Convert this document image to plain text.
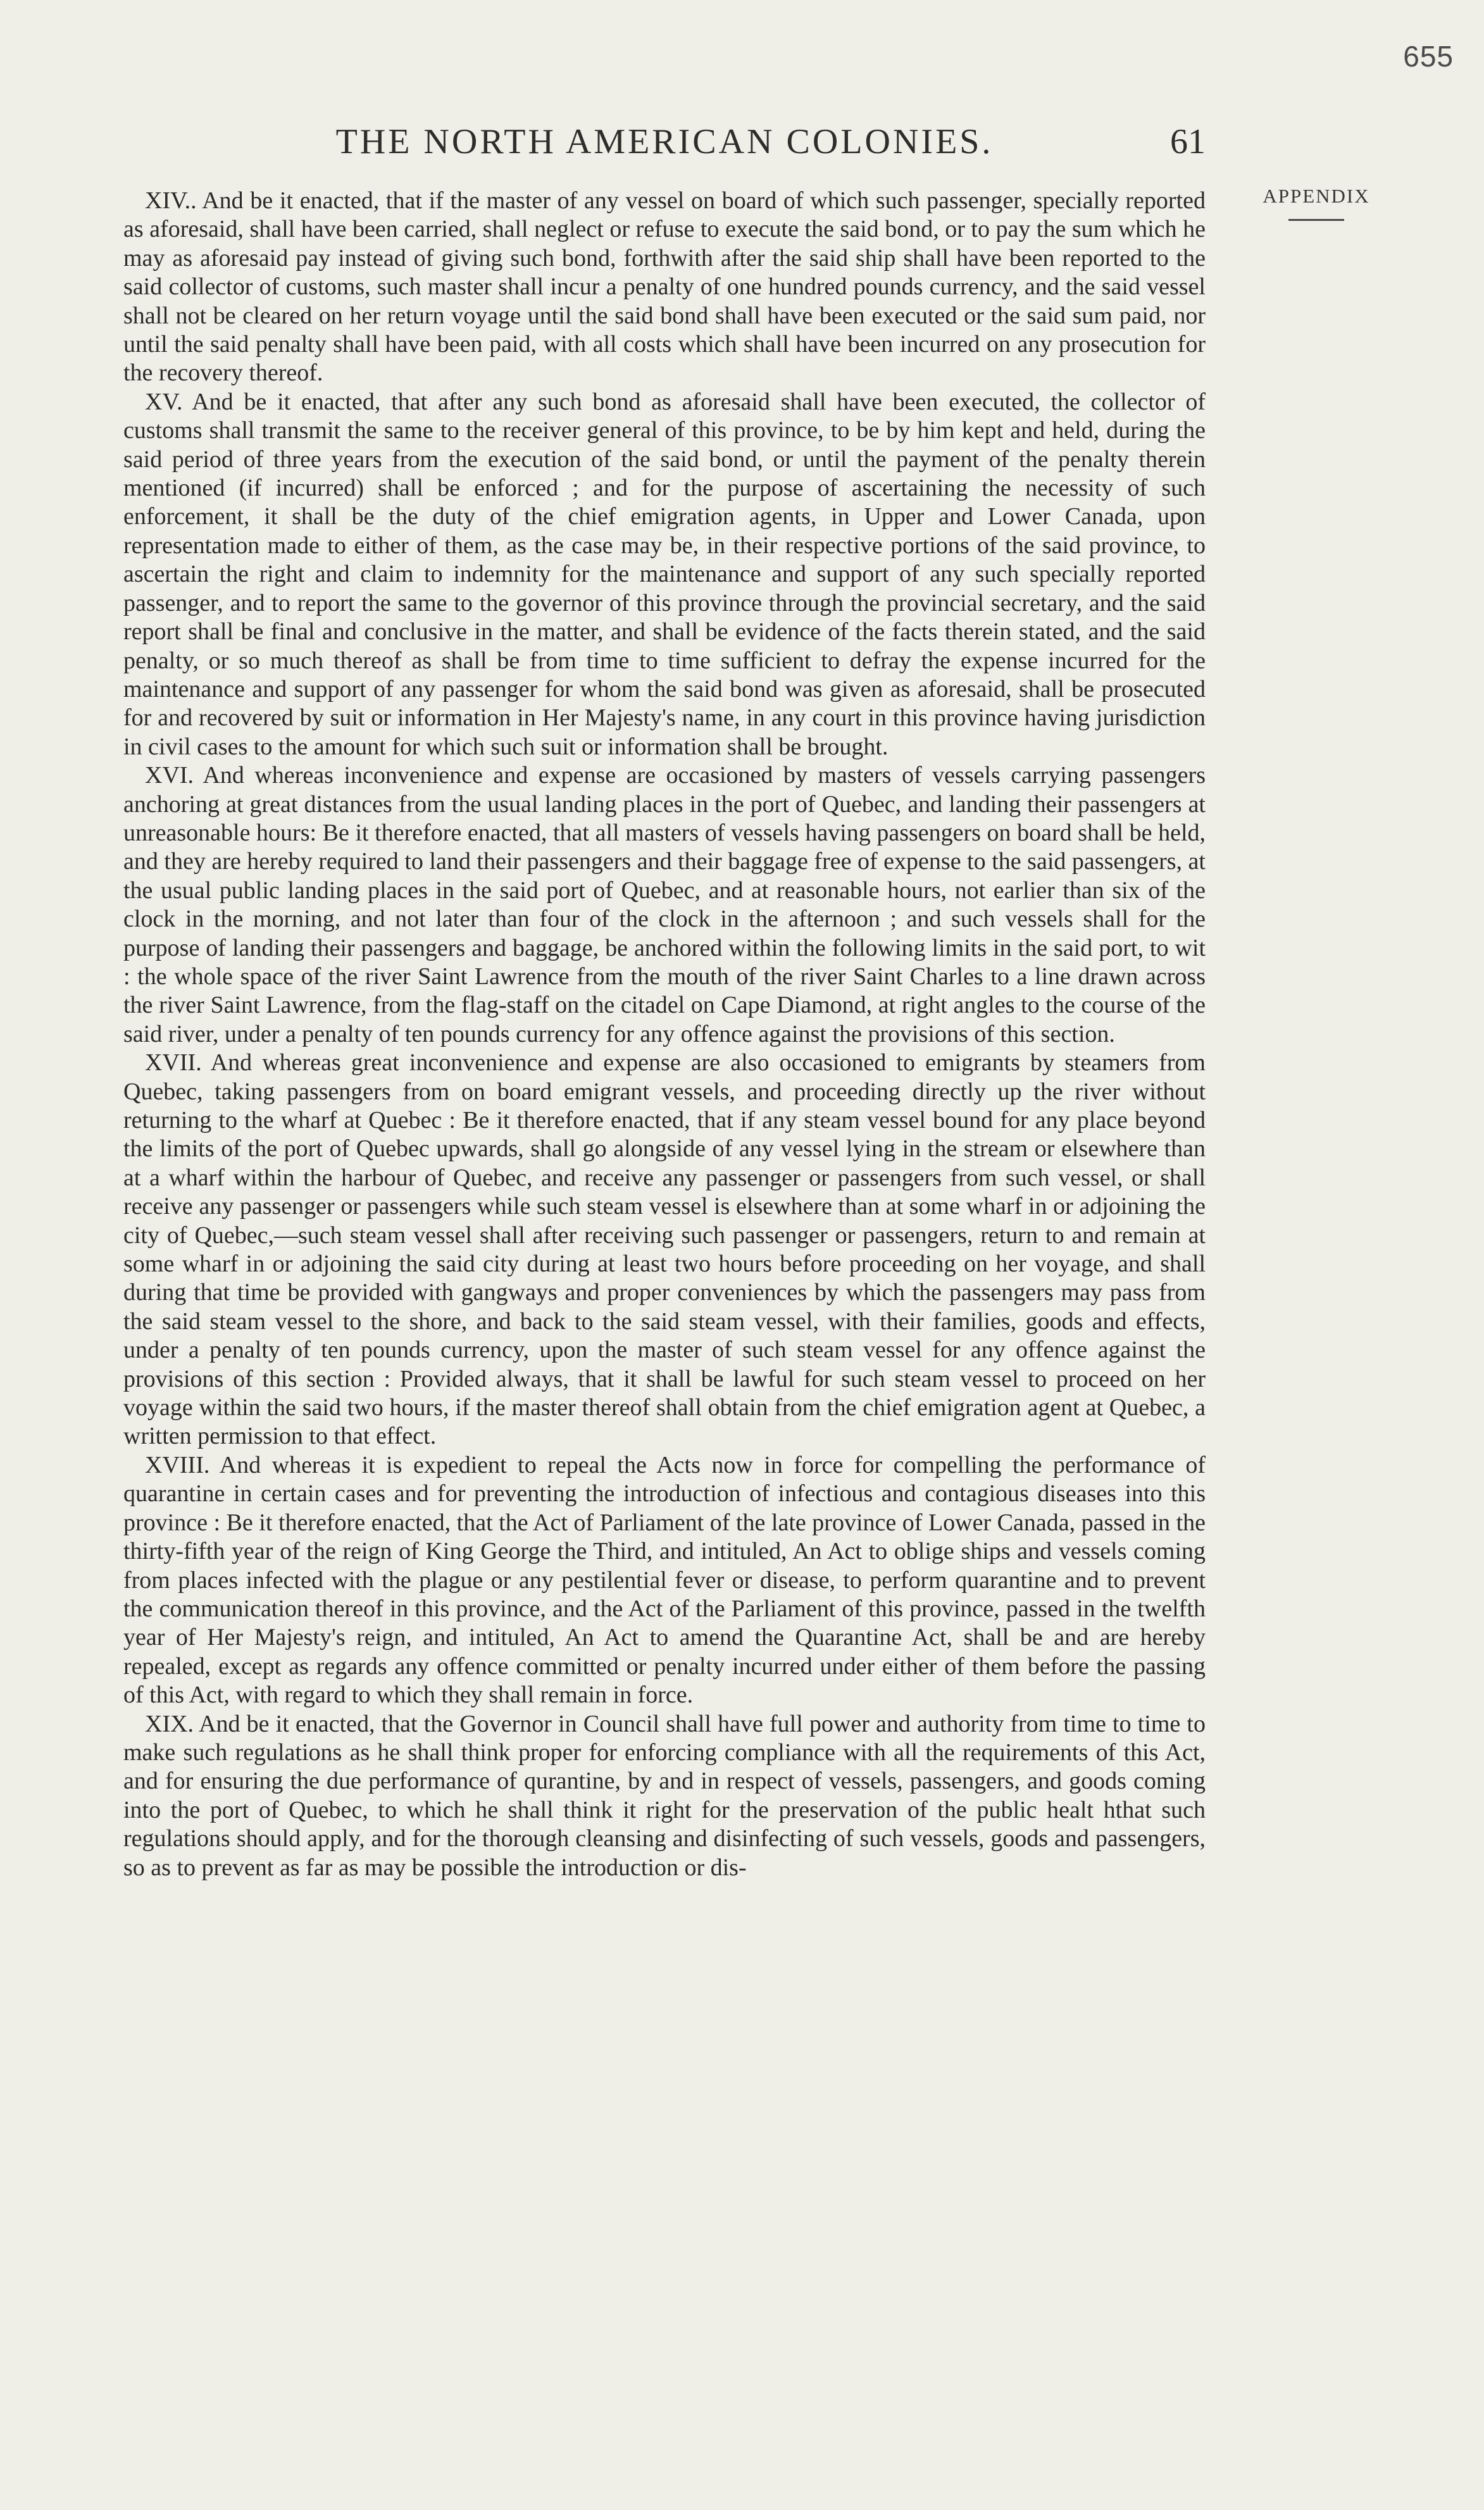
655
THE NORTH AMERICAN COLONIES.	61
APPENDIX

XIV.. And be it enacted, that if the master of any vessel on board of which such passenger, specially reported as aforesaid, shall have been carried, shall neglect or refuse to execute the said bond, or to pay the sum which he may as aforesaid pay instead of giving such bond, forthwith after the said ship shall have been reported to the said collector of customs, such master shall incur a penalty of one hundred pounds currency, and the said vessel shall not be cleared on her return voyage until the said bond shall have been executed or the said sum paid, nor until the said penalty shall have been paid, with all costs which shall have been incurred on any prosecution for the recovery thereof.

XV. And be it enacted, that after any such bond as aforesaid shall have been executed, the collector of customs shall transmit the same to the receiver general of this province, to be by him kept and held, during the said period of three years from the execution of the said bond, or until the payment of the penalty therein mentioned (if incurred) shall be enforced ; and for the purpose of ascertaining the necessity of such enforcement, it shall be the duty of the chief emigration agents, in Upper and Lower Canada, upon representation made to either of them, as the case may be, in their respective portions of the said province, to ascertain the right and claim to indemnity for the maintenance and support of any such specially reported passenger, and to report the same to the governor of this province through the provincial secretary, and the said report shall be final and conclusive in the matter, and shall be evidence of the facts therein stated, and the said penalty, or so much thereof as shall be from time to time sufficient to defray the expense incurred for the maintenance and support of any passenger for whom the said bond was given as aforesaid, shall be prosecuted for and recovered by suit or information in Her Majesty's name, in any court in this province having jurisdiction in civil cases to the amount for which such suit or information shall be brought.

XVI. And whereas inconvenience and expense are occasioned by masters of vessels carrying passengers anchoring at great distances from the usual landing places in the port of Quebec, and landing their passengers at unreasonable hours: Be it therefore enacted, that all masters of vessels having passengers on board shall be held, and they are hereby required to land their passengers and their baggage free of expense to the said passengers, at the usual public landing places in the said port of Quebec, and at reasonable hours, not earlier than six of the clock in the morning, and not later than four of the clock in the afternoon ; and such vessels shall for the purpose of landing their passengers and baggage, be anchored within the following limits in the said port, to wit : the whole space of the river Saint Lawrence from the mouth of the river Saint Charles to a line drawn across the river Saint Lawrence, from the flag-staff on the citadel on Cape Diamond, at right angles to the course of the said river, under a penalty of ten pounds currency for any offence against the provisions of this section.

XVII. And whereas great inconvenience and expense are also occasioned to emigrants by steamers from Quebec, taking passengers from on board emigrant vessels, and proceeding directly up the river without returning to the wharf at Quebec : Be it therefore enacted, that if any steam vessel bound for any place beyond the limits of the port of Quebec upwards, shall go alongside of any vessel lying in the stream or elsewhere than at a wharf within the harbour of Quebec, and receive any passenger or passengers from such vessel, or shall receive any passenger or passengers while such steam vessel is elsewhere than at some wharf in or adjoining the city of Quebec,—such steam vessel shall after receiving such passenger or passengers, return to and remain at some wharf in or adjoining the said city during at least two hours before proceeding on her voyage, and shall during that time be provided with gangways and proper conveniences by which the passengers may pass from the said steam vessel to the shore, and back to the said steam vessel, with their families, goods and effects, under a penalty of ten pounds currency, upon the master of such steam vessel for any offence against the provisions of this section : Provided always, that it shall be lawful for such steam vessel to proceed on her voyage within the said two hours, if the master thereof shall obtain from the chief emigration agent at Quebec, a written permission to that effect.

XVIII. And whereas it is expedient to repeal the Acts now in force for compelling the performance of quarantine in certain cases and for preventing the introduction of infectious and contagious diseases into this province : Be it therefore enacted, that the Act of Parliament of the late province of Lower Canada, passed in the thirty-fifth year of the reign of King George the Third, and intituled, An Act to oblige ships and vessels coming from places infected with the plague or any pestilential fever or disease, to perform quarantine and to prevent the communication thereof in this province, and the Act of the Parliament of this province, passed in the twelfth year of Her Majesty's reign, and intituled, An Act to amend the Quarantine Act, shall be and are hereby repealed, except as regards any offence committed or penalty incurred under either of them before the passing of this Act, with regard to which they shall remain in force.

XIX. And be it enacted, that the Governor in Council shall have full power and authority from time to time to make such regulations as he shall think proper for enforcing compliance with all the requirements of this Act, and for ensuring the due performance of qurantine, by and in respect of vessels, passengers, and goods coming into the port of Quebec, to which he shall think it right for the preservation of the public healt hthat such regulations should apply, and for the thorough cleansing and disinfecting of such vessels, goods and passengers, so as to prevent as far as may be possible the introduction or dis-
